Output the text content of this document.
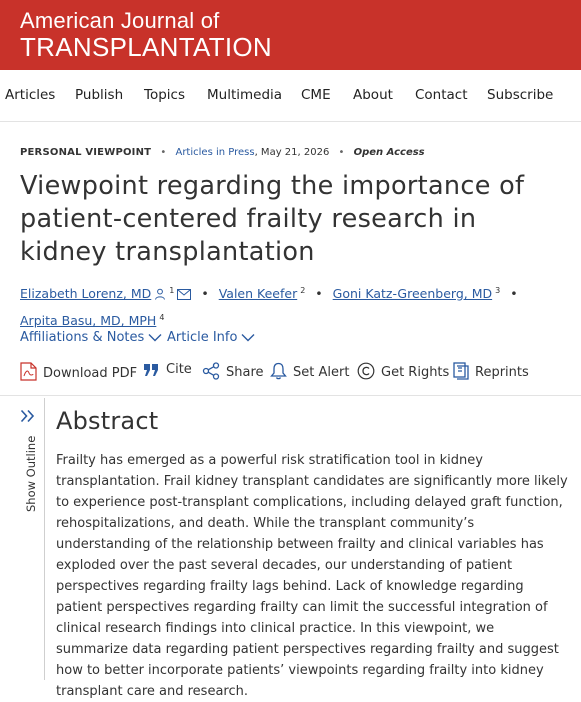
American Journal of
TRANSPLANTATION
Articles Publish Topics Multimedia CME About Contact Subscribe
PERSONAL VIEWPOINT • Articles in Press, May 21, 2026 • Open Access
Viewpoint regarding the importance of patient-centered frailty research in kidney transplantation
Elizabeth Lorenz, MD $^1$ • Valen Keefer $^2$ • Goni Katz-Greenberg, MD $^3$ •
Arpita Basu, MD, MPH $^4$
Affiliations & Notes	Article Info
Download PDF	Cite	Share	Set Alert	Get Rights	Reprints
Show Outline
Abstract

Frailty has emerged as a powerful risk stratification tool in kidney transplantation. Frail kidney transplant candidates are significantly more likely to experience post-transplant complications, including delayed graft function, rehospitalizations, and death. While the transplant community’s understanding of the relationship between frailty and clinical variables has exploded over the past several decades, our understanding of patient perspectives regarding frailty lags behind. Lack of knowledge regarding patient perspectives regarding frailty can limit the successful integration of clinical research findings into clinical practice. In this viewpoint, we summarize data regarding patient perspectives regarding frailty and suggest how to better incorporate patients’ viewpoints regarding frailty into kidney transplant care and research.
